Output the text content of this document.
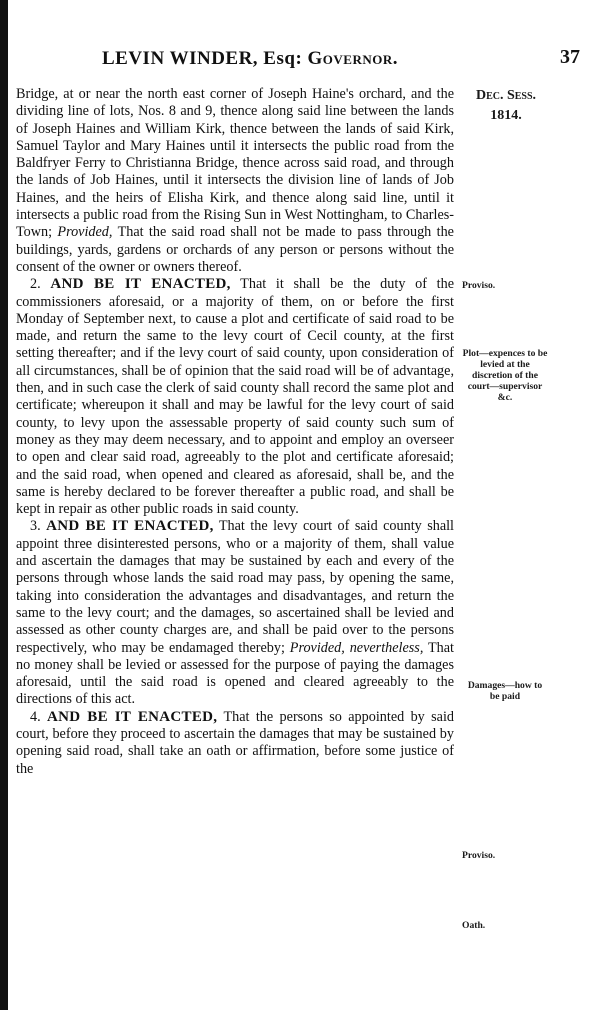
LEVIN WINDER, Esq: Governor.	37
Dec. Sess.
1814.
Proviso.
Plot—expences to be levied at the discretion of the court—supervisor &c.
Damages—how to be paid
Proviso.
Oath.

Bridge, at or near the north east corner of Joseph Haine's orchard, and the dividing line of lots, Nos. 8 and 9, thence along said line between the lands of Joseph Haines and William Kirk, thence between the lands of said Kirk, Samuel Taylor and Mary Haines until it intersects the public road from the Baldfryer Ferry to Christianna Bridge, thence across said road, and through the lands of Job Haines, until it intersects the division line of lands of Job Haines, and the heirs of Elisha Kirk, and thence along said line, until it intersects a public road from the Rising Sun in West Nottingham, to Charles-Town; Provided, That the said road shall not be made to pass through the buildings, yards, gardens or orchards of any person or persons without the consent of the owner or owners thereof.

2. AND BE IT ENACTED, That it shall be the duty of the commissioners aforesaid, or a majority of them, on or before the first Monday of September next, to cause a plot and certificate of said road to be made, and return the same to the levy court of Cecil county, at the first setting thereafter; and if the levy court of said county, upon consideration of all circumstances, shall be of opinion that the said road will be of advantage, then, and in such case the clerk of said county shall record the same plot and certificate; whereupon it shall and may be lawful for the levy court of said county, to levy upon the assessable property of said county such sum of money as they may deem necessary, and to appoint and employ an overseer to open and clear said road, agreeably to the plot and certificate aforesaid; and the said road, when opened and cleared as aforesaid, shall be, and the same is hereby declared to be forever thereafter a public road, and shall be kept in repair as other public roads in said county.

3. AND BE IT ENACTED, That the levy court of said county shall appoint three disinterested persons, who or a majority of them, shall value and ascertain the damages that may be sustained by each and every of the persons through whose lands the said road may pass, by opening the same, taking into consideration the advantages and disadvantages, and return the same to the levy court; and the damages, so ascertained shall be levied and assessed as other county charges are, and shall be paid over to the persons respectively, who may be endamaged thereby; Provided, nevertheless, That no money shall be levied or assessed for the purpose of paying the damages aforesaid, until the said road is opened and cleared agreeably to the directions of this act.

4. AND BE IT ENACTED, That the persons so appointed by said court, before they proceed to ascertain the damages that may be sustained by opening said road, shall take an oath or affirmation, before some justice of the
